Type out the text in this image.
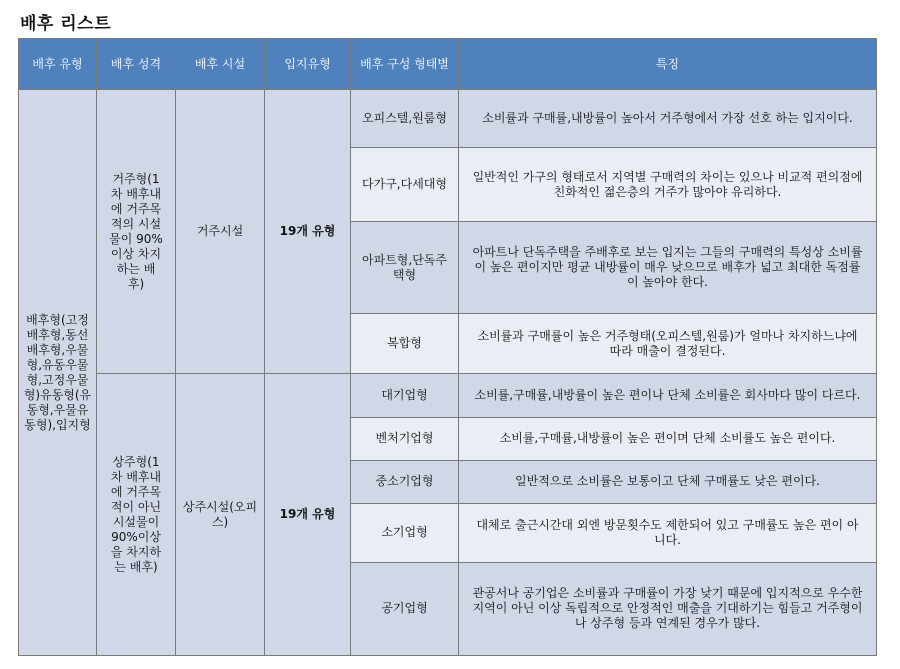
배후 리스트
배후 유형	배후 성격	배후 시설	입지유형	배후 구성 형태별	특징
배후형(고정배후형,동선배후형,우물형,유동우물형,고정우물형)유동형(유동형,우물유동형),입지형	거주형(1차 배후내에 거주목적의 시설물이 90%이상 차지하는 배후)	거주시설	19개 유형	오피스텔,원룸형	소비률과 구매률,내방률이 높아서 거주형에서 가장 선호 하는 입지이다.
				다가구,다세대형	일반적인 가구의 형태로서 지역별 구매력의 차이는 있으나 비교적 편의점에 친화적인 젊은층의 거주가 많아야 유리하다.
				아파트형,단독주택형	아파트나 단독주택을 주배후로 보는 입지는 그들의 구매력의 특성상 소비률이 높은 편이지만 평균 내방률이 매우 낮으므로 배후가 넓고 최대한 독점률이 높아야 한다.
				복합형	소비률과 구매률이 높은 거주형태(오피스텔,원룸)가 얼마나 차지하느냐에 따라 매출이 결정된다.
	상주형(1차 배후내에 거주목적이 아닌 시설물이 90%이상을 차지하는 배후)	상주시설(오피스)	19개 유형	대기업형	소비률,구매률,내방률이 높은 편이나 단체 소비률은 회사마다 많이 다르다.
				벤처기업형	소비률,구매률,내방률이 높은 편이며 단체 소비률도 높은 편이다.
				중소기업형	일반적으로 소비률은 보통이고 단체 구매률도 낮은 편이다.
				소기업형	대체로 출근시간대 외엔 방문횟수도 제한되어 있고 구매률도 높은 편이 아니다.
				공기업형	관공서나 공기업은 소비률과 구매률이 가장 낮기 때문에 입지적으로 우수한 지역이 아닌 이상 독립적으로 안정적인 매출을 기대하기는 힘들고 거주형이나 상주형 등과 연계된 경우가 많다.
